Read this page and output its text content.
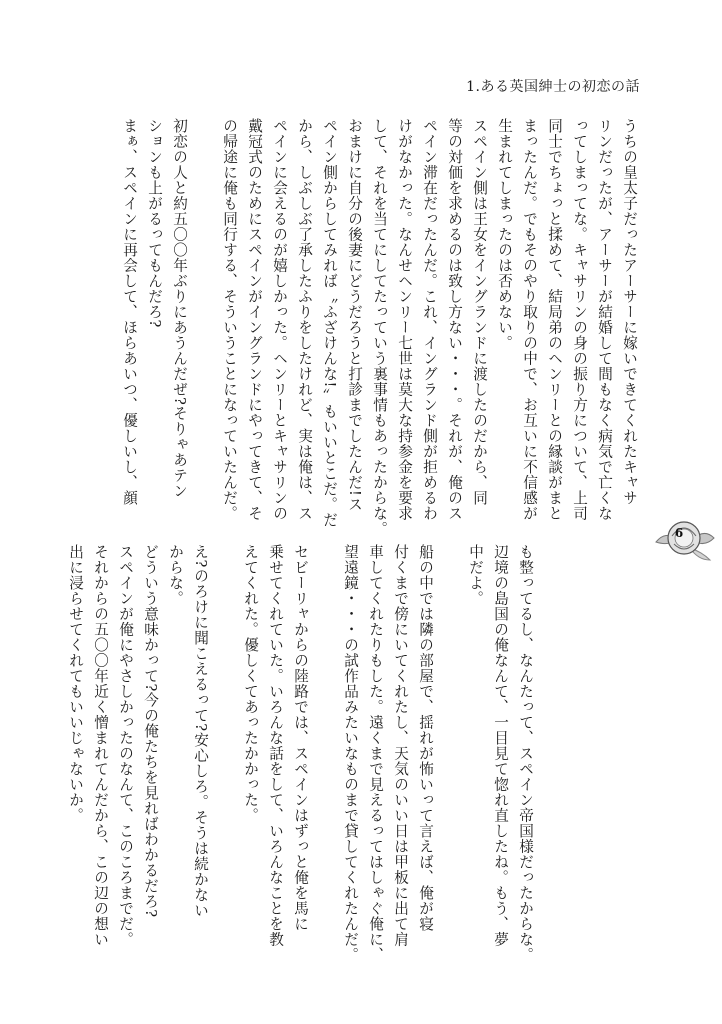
1.ある英国紳士の初恋の話
うちの皇太子だったアーサーに嫁いできてくれたキャサ
リンだったが、アーサーが結婚して間もなく病気で亡くな
ってしまってな。キャサリンの身の振り方について、上司
同士でちょっと揉めて、結局弟のヘンリーとの縁談がまと
まったんだ。でもそのやり取りの中で、お互いに不信感が
生まれてしまったのは否めない。
スペイン側は王女をイングランドに渡したのだから、同
等の対価を求めるのは致し方ない・・・。それが、俺のス
ペイン滞在だったんだ。これ、イングランド側が拒めるわ
けがなかった。なんせヘンリー七世は莫大な持参金を要求
して、それを当てにしてたっていう裏事情もあったからな。
おまけに自分の後妻にどうだろうと打診までしたんだ!ス
ペイン側からしてみれば〝ふざけんな!〟もいいとこだ。だ
から、しぶしぶ了承したふりをしたけれど、実は俺は、ス
ペインに会えるのが嬉しかった。ヘンリーとキャサリンの
戴冠式のためにスペインがイングランドにやってきて、そ
の帰途に俺も同行する、そういうことになっていたんだ。
初恋の人と約五〇〇年ぶりにあうんだぜ?そりゃあテン
ションも上がるってもんだろ?
まぁ、スペインに再会して、ほらあいつ、優しいし、顔
6
も整ってるし、なんたって、スペイン帝国様だったからな。
辺境の島国の俺なんて、一目見て惚れ直したね。もう、夢
中だよ。
船の中では隣の部屋で、揺れが怖いって言えば、俺が寝
付くまで傍にいてくれたし、天気のいい日は甲板に出て肩
車してくれたりもした。遠くまで見えるってはしゃぐ俺に、
望遠鏡・・・の試作品みたいなものまで貸してくれたんだ。
セビーリャからの陸路では、スペインはずっと俺を馬に
乗せてくれていた。いろんな話をして、いろんなことを教
えてくれた。優しくてあったかかった。
え?のろけに聞こえるって?安心しろ。そうは続かない
からな。
どういう意味かって?今の俺たちを見ればわかるだろ?
スペインが俺にやさしかったのなんて、このころまでだ。
それからの五〇〇年近く憎まれてんだから、この辺の想い
出に浸らせてくれてもいいじゃないか。
